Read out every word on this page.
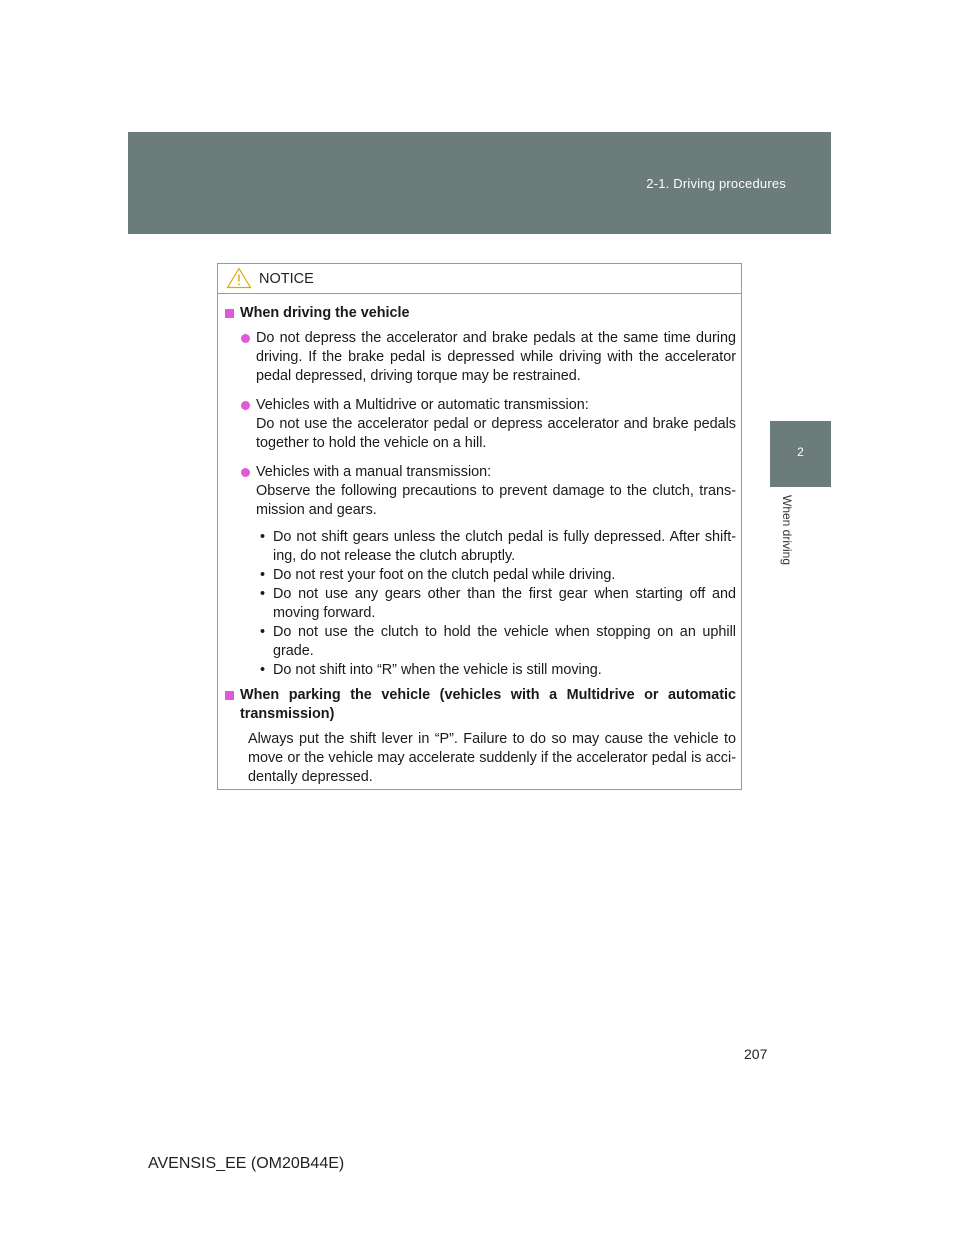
2-1. Driving procedures
2
When driving
NOTICE
When driving the vehicle
Do not depress the accelerator and brake pedals at the same time during driving. If the brake pedal is depressed while driving with the accelerator pedal depressed, driving torque may be restrained.
Vehicles with a Multidrive or automatic transmission:
Do not use the accelerator pedal or depress accelerator and brake pedals together to hold the vehicle on a hill.
Vehicles with a manual transmission:
Observe the following precautions to prevent damage to the clutch, trans-mission and gears.
• Do not shift gears unless the clutch pedal is fully depressed. After shift-ing, do not release the clutch abruptly.
• Do not rest your foot on the clutch pedal while driving.
• Do not use any gears other than the first gear when starting off and moving forward.
• Do not use the clutch to hold the vehicle when stopping on an uphill grade.
• Do not shift into “R” when the vehicle is still moving.
When parking the vehicle (vehicles with a Multidrive or automatic transmission)
Always put the shift lever in “P”. Failure to do so may cause the vehicle to move or the vehicle may accelerate suddenly if the accelerator pedal is acci-dentally depressed.
207
AVENSIS_EE (OM20B44E)
